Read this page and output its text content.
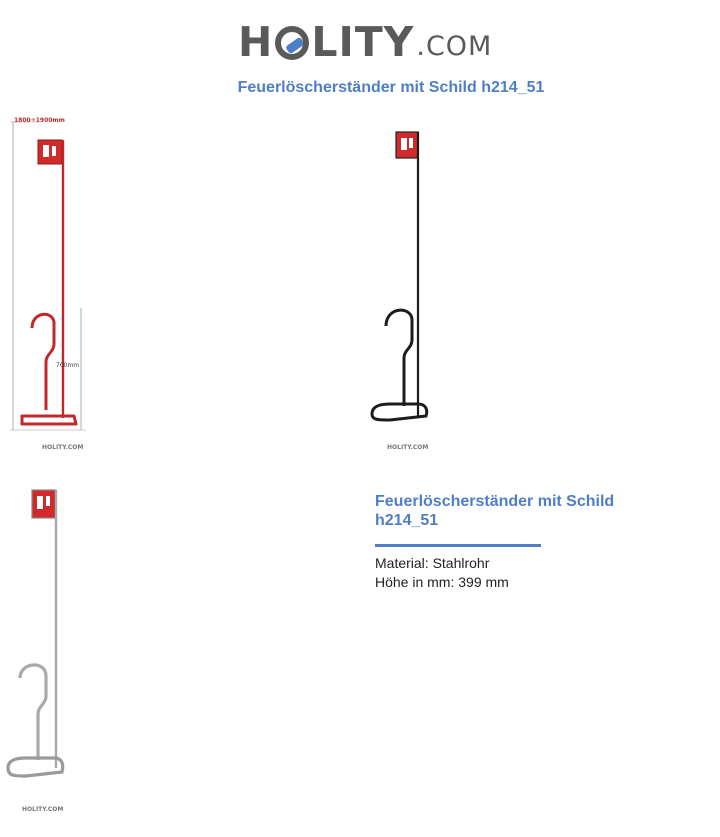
H LITY .COM
Feuerlöscherständer mit Schild h214_51
1800÷1900mm
700mm
HOLITY.COM	HOLITY.COM
HOLITY.COM
Feuerlöscherständer mit Schild h214_51
Material: Stahlrohr
Höhe in mm: 399 mm
